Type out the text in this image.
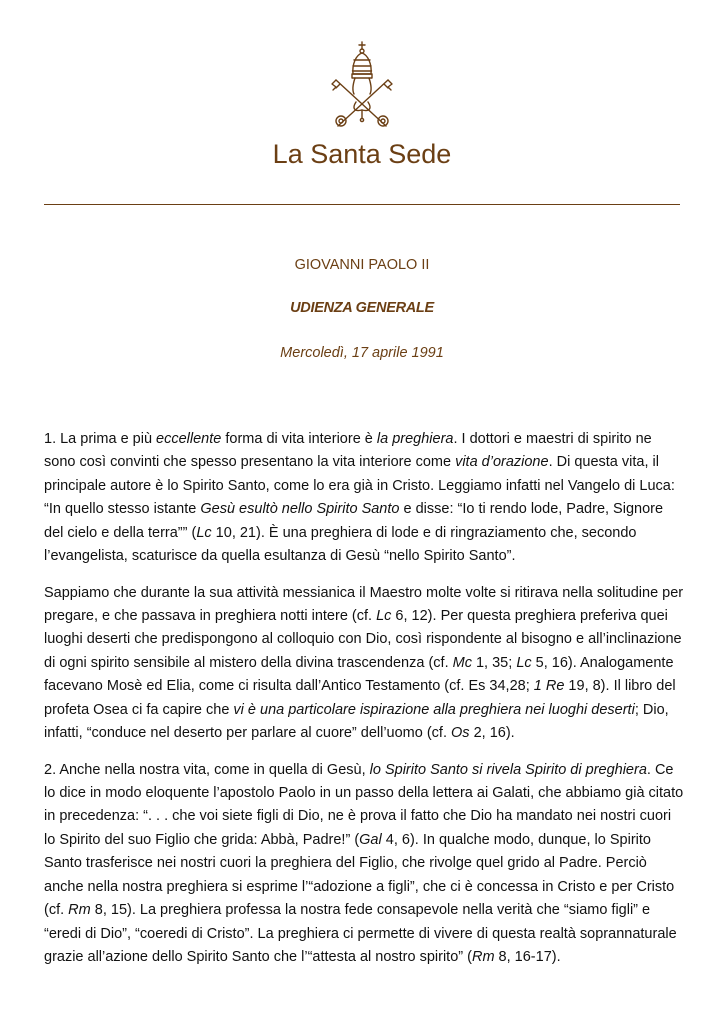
La Santa Sede
GIOVANNI PAOLO II
UDIENZA GENERALE
Mercoledì, 17 aprile 1991

1. La prima e più eccellente forma di vita interiore è la preghiera. I dottori e maestri di spirito ne sono così convinti che spesso presentano la vita interiore come vita d’orazione. Di questa vita, il principale autore è lo Spirito Santo, come lo era già in Cristo. Leggiamo infatti nel Vangelo di Luca: “In quello stesso istante Gesù esultò nello Spirito Santo e disse: “Io ti rendo lode, Padre, Signore del cielo e della terra”” (Lc 10, 21). È una preghiera di lode e di ringraziamento che, secondo l’evangelista, scaturisce da quella esultanza di Gesù “nello Spirito Santo”.

Sappiamo che durante la sua attività messianica il Maestro molte volte si ritirava nella solitudine per pregare, e che passava in preghiera notti intere (cf. Lc 6, 12). Per questa preghiera preferiva quei luoghi deserti che predispongono al colloquio con Dio, così rispondente al bisogno e all’inclinazione di ogni spirito sensibile al mistero della divina trascendenza (cf. Mc 1, 35; Lc 5, 16). Analogamente facevano Mosè ed Elia, come ci risulta dall’Antico Testamento (cf. Es 34,28; 1 Re 19, 8). Il libro del profeta Osea ci fa capire che vi è una particolare ispirazione alla preghiera nei luoghi deserti; Dio, infatti, “conduce nel deserto per parlare al cuore” dell’uomo (cf. Os 2, 16).

2. Anche nella nostra vita, come in quella di Gesù, lo Spirito Santo si rivela Spirito di preghiera. Ce lo dice in modo eloquente l’apostolo Paolo in un passo della lettera ai Galati, che abbiamo già citato in precedenza: “. . . che voi siete figli di Dio, ne è prova il fatto che Dio ha mandato nei nostri cuori lo Spirito del suo Figlio che grida: Abbà, Padre!” (Gal 4, 6). In qualche modo, dunque, lo Spirito Santo trasferisce nei nostri cuori la preghiera del Figlio, che rivolge quel grido al Padre. Perciò anche nella nostra preghiera si esprime l’“adozione a figli”, che ci è concessa in Cristo e per Cristo (cf. Rm 8, 15). La preghiera professa la nostra fede consapevole nella verità che “siamo figli” e “eredi di Dio”, “coeredi di Cristo”. La preghiera ci permette di vivere di questa realtà soprannaturale grazie all’azione dello Spirito Santo che l’“attesta al nostro spirito” (Rm 8, 16-17).
